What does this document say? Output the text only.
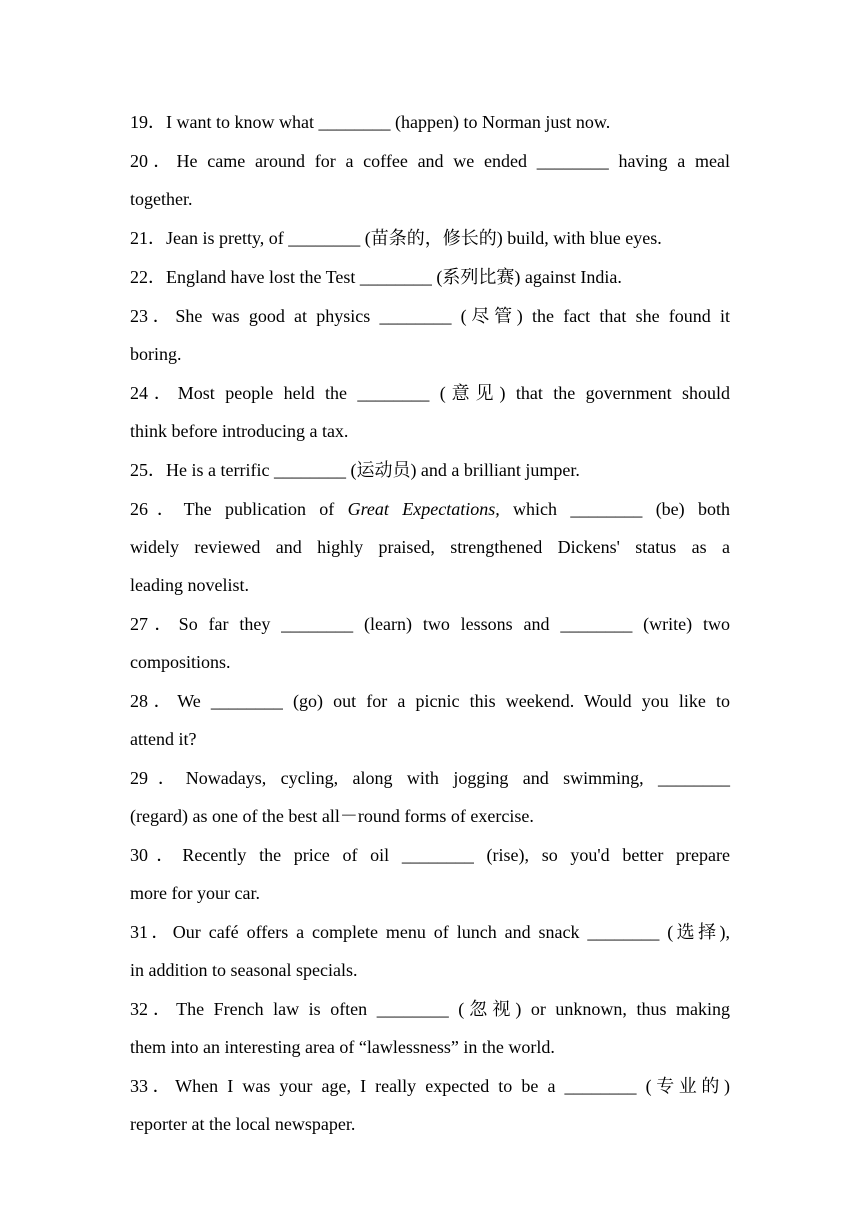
19．I want to know what ________ (happen) to Norman just now.

20．He came around for a coffee and we ended ________ having a meal
together.

21．Jean is pretty, of ________ (苗条的，修长的) build, with blue eyes.

22．England have lost the Test ________ (系列比赛) against India.

23．She was good at physics ________ (尽管) the fact that she found it
boring.

24．Most people held the ________ (意见) that the government should
think before introducing a tax.

25．He is a terrific ________ (运动员) and a brilliant jumper.

26．The publication of Great Expectations, which ________ (be) both
widely reviewed and highly praised, strengthened Dickens' status as a
leading novelist.

27．So far they ________ (learn) two lessons and ________ (write) two
compositions.

28．We ________ (go) out for a picnic this weekend. Would you like to
attend it?

29．Nowadays, cycling, along with jogging and swimming, ________
(regard) as one of the best all－round forms of exercise.

30．Recently the price of oil ________ (rise), so you'd better prepare
more for your car.

31．Our café offers a complete menu of lunch and snack ________ (选择),
in addition to seasonal specials.

32．The French law is often ________ (忽视) or unknown, thus making
them into an interesting area of “lawlessness” in the world.

33．When I was your age, I really expected to be a ________ (专业的)
reporter at the local newspaper.
